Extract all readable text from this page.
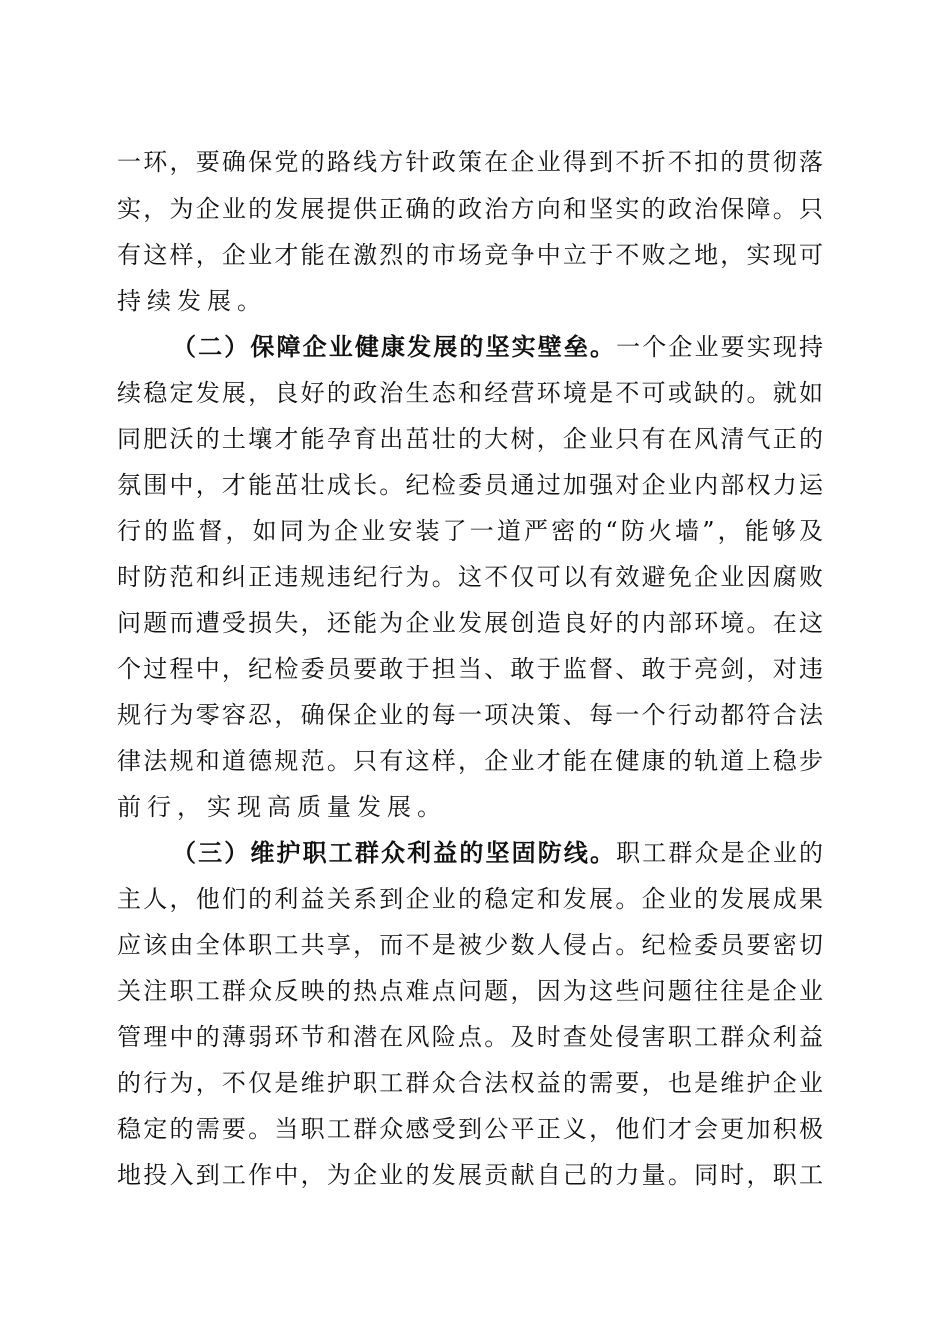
一环，要确保党的路线方针政策在企业得到不折不扣的贯彻落
实，为企业的发展提供正确的政治方向和坚实的政治保障。只
有这样，企业才能在激烈的市场竞争中立于不败之地，实现可
持续发展。
（二）保障企业健康发展的坚实壁垒。一个企业要实现持
续稳定发展，良好的政治生态和经营环境是不可或缺的。就如
同肥沃的土壤才能孕育出茁壮的大树，企业只有在风清气正的
氛围中，才能茁壮成长。纪检委员通过加强对企业内部权力运
行的监督，如同为企业安装了一道严密的“防火墙”，能够及
时防范和纠正违规违纪行为。这不仅可以有效避免企业因腐败
问题而遭受损失，还能为企业发展创造良好的内部环境。在这
个过程中，纪检委员要敢于担当、敢于监督、敢于亮剑，对违
规行为零容忍，确保企业的每一项决策、每一个行动都符合法
律法规和道德规范。只有这样，企业才能在健康的轨道上稳步
前行，实现高质量发展。
（三）维护职工群众利益的坚固防线。职工群众是企业的
主人，他们的利益关系到企业的稳定和发展。企业的发展成果
应该由全体职工共享，而不是被少数人侵占。纪检委员要密切
关注职工群众反映的热点难点问题，因为这些问题往往是企业
管理中的薄弱环节和潜在风险点。及时查处侵害职工群众利益
的行为，不仅是维护职工群众合法权益的需要，也是维护企业
稳定的需要。当职工群众感受到公平正义，他们才会更加积极
地投入到工作中，为企业的发展贡献自己的力量。同时，职工
